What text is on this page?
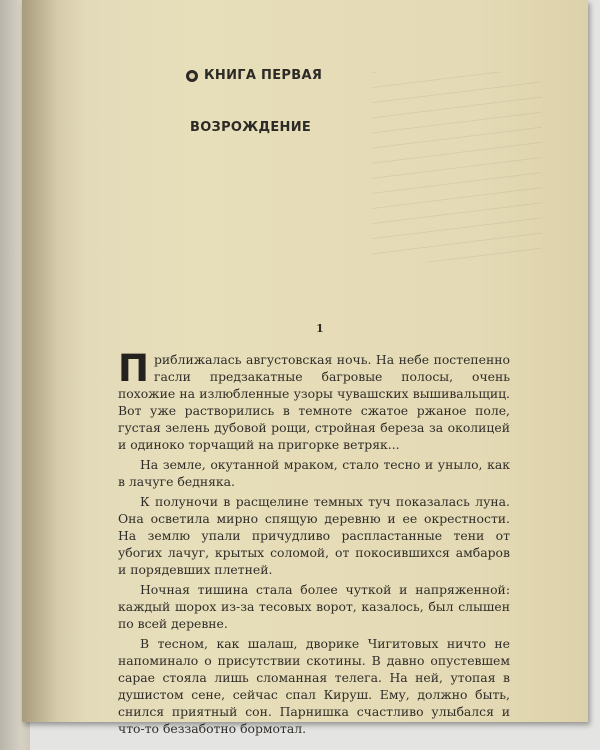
КНИГА ПЕРВАЯ
ВОЗРОЖДЕНИЕ
1

Приближалась августовская ночь. На небе постепенно гасли предзакатные багровые полосы, очень похожие на излюбленные узоры чувашских вышивальщиц. Вот уже растворились в темноте сжатое ржаное поле, густая зелень дубовой рощи, стройная береза за околицей и одиноко торчащий на пригорке ветряк...

На земле, окутанной мраком, стало тесно и уныло, как в лачуге бедняка.

К полуночи в расщелине темных туч показалась луна. Она осветила мирно спящую деревню и ее окрестности. На землю упали причудливо распластанные тени от убогих лачуг, крытых соломой, от покосившихся амбаров и порядевших плетней.

Ночная тишина стала более чуткой и напряженной: каждый шорох из-за тесовых ворот, казалось, был слышен по всей деревне.

В тесном, как шалаш, дворике Чигитовых ничто не напоминало о присутствии скотины. В давно опустевшем сарае стояла лишь сломанная телега. На ней, утопая в душистом сене, сейчас спал Кируш. Ему, должно быть, снился приятный сон. Парнишка счастливо улыбался и что-то беззаботно бормотал.
